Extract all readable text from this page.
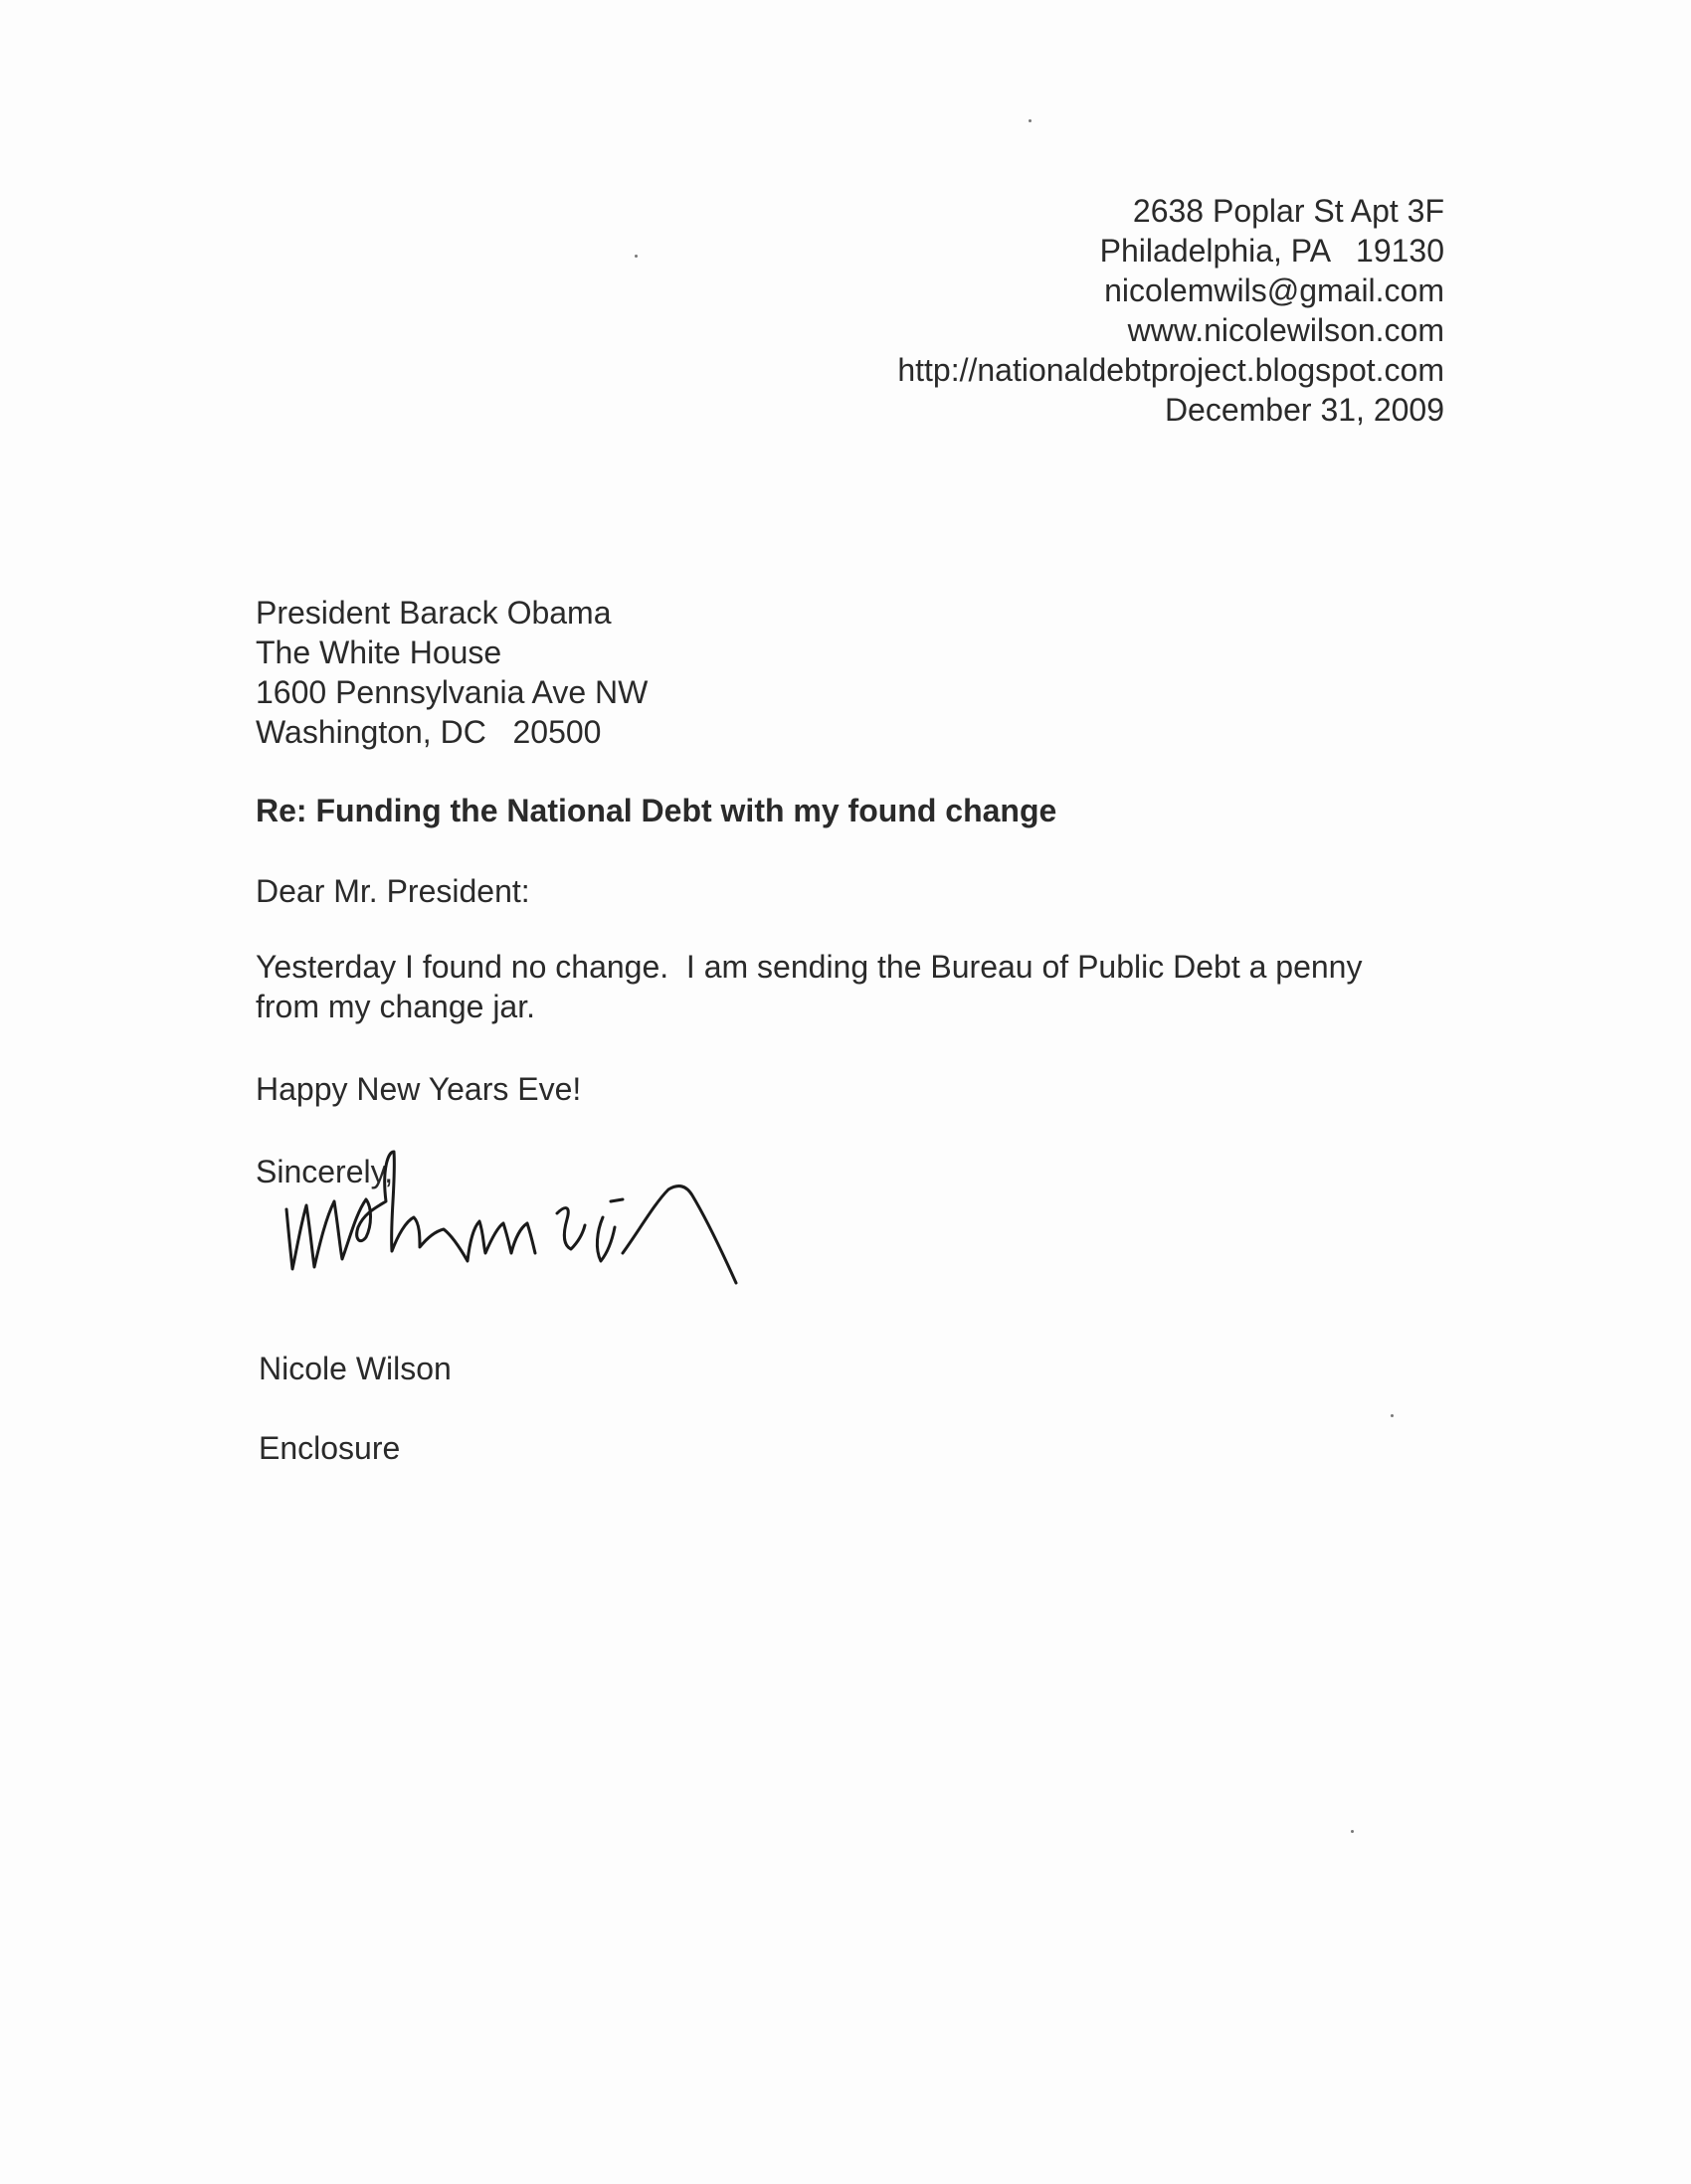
2638 Poplar St Apt 3F
Philadelphia, PA   19130
nicolemwils@gmail.com
www.nicolewilson.com
http://nationaldebtproject.blogspot.com
December 31, 2009
President Barack Obama
The White House
1600 Pennsylvania Ave NW
Washington, DC   20500
Re: Funding the National Debt with my found change
Dear Mr. President:
Yesterday I found no change.  I am sending the Bureau of Public Debt a penny
from my change jar.
Happy New Years Eve!
Sincerely,
Nicole Wilson
Enclosure
